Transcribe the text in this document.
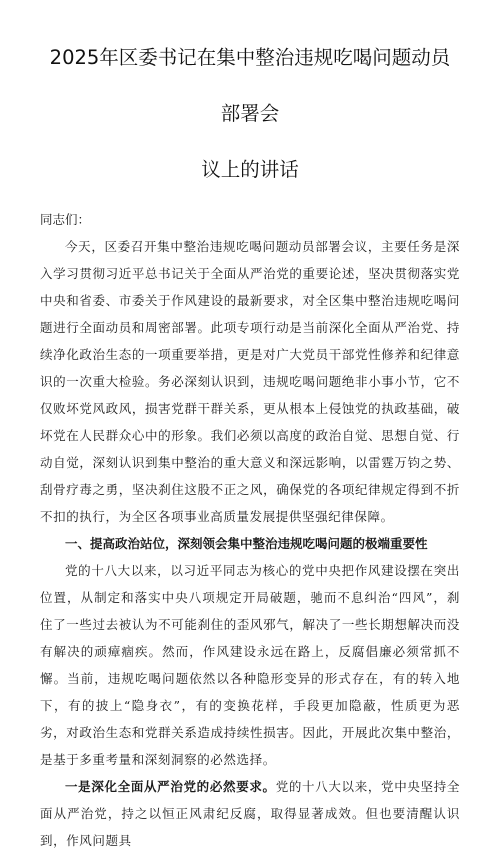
2025年区委书记在集中整治违规吃喝问题动员部署会
议上的讲话

同志们：

今天，区委召开集中整治违规吃喝问题动员部署会议，主要任务是深入学习贯彻习近平总书记关于全面从严治党的重要论述，坚决贯彻落实党中央和省委、市委关于作风建设的最新要求，对全区集中整治违规吃喝问题进行全面动员和周密部署。此项专项行动是当前深化全面从严治党、持续净化政治生态的一项重要举措，更是对广大党员干部党性修养和纪律意识的一次重大检验。务必深刻认识到，违规吃喝问题绝非小事小节，它不仅败坏党风政风，损害党群干群关系，更从根本上侵蚀党的执政基础，破坏党在人民群众心中的形象。我们必须以高度的政治自觉、思想自觉、行动自觉，深刻认识到集中整治的重大意义和深远影响，以雷霆万钧之势、刮骨疗毒之勇，坚决刹住这股不正之风，确保党的各项纪律规定得到不折不扣的执行，为全区各项事业高质量发展提供坚强纪律保障。

一、提高政治站位，深刻领会集中整治违规吃喝问题的极端重要性

党的十八大以来，以习近平同志为核心的党中央把作风建设摆在突出位置，从制定和落实中央八项规定开局破题，驰而不息纠治“四风”，刹住了一些过去被认为不可能刹住的歪风邪气，解决了一些长期想解决而没有解决的顽瘴痼疾。然而，作风建设永远在路上，反腐倡廉必须常抓不懈。当前，违规吃喝问题依然以各种隐形变异的形式存在，有的转入地下，有的披上“隐身衣”，有的变换花样，手段更加隐蔽，性质更为恶劣，对政治生态和党群关系造成持续性损害。因此，开展此次集中整治，是基于多重考量和深刻洞察的必然选择。

一是深化全面从严治党的必然要求。党的十八大以来，党中央坚持全面从严治党，持之以恒正风肃纪反腐，取得显著成效。但也要清醒认识到，作风问题具
